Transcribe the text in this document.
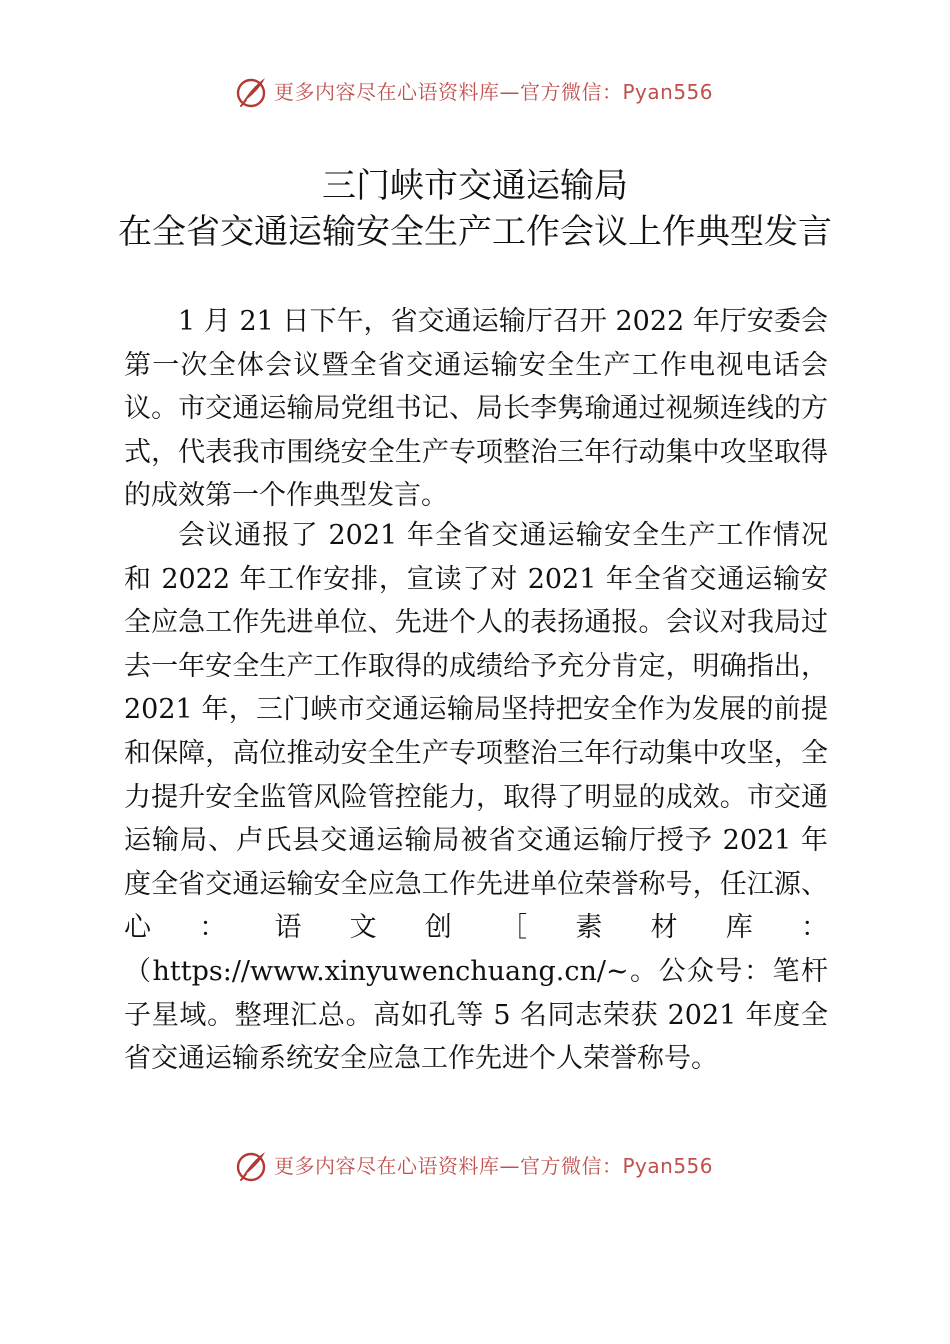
更多内容尽在心语资料库—官方微信：Pyan556
三门峡市交通运输局
在全省交通运输安全生产工作会议上作典型发言
1 月 21 日下午，省交通运输厅召开 2022 年厅安委会第一次全体会议暨全省交通运输安全生产工作电视电话会议。市交通运输局党组书记、局长李隽瑜通过视频连线的方式，代表我市围绕安全生产专项整治三年行动集中攻坚取得的成效第一个作典型发言。
会议通报了 2021 年全省交通运输安全生产工作情况和 2022 年工作安排，宣读了对 2021 年全省交通运输安全应急工作先进单位、先进个人的表扬通报。会议对我局过去一年安全生产工作取得的成绩给予充分肯定，明确指出，2021 年，三门峡市交通运输局坚持把安全作为发展的前提和保障，高位推动安全生产专项整治三年行动集中攻坚，全力提升安全监管风险管控能力，取得了明显的成效。市交通运输局、卢氏县交通运输局被省交通运输厅授予 2021 年度全省交通运输安全应急工作先进单位荣誉称号，任江源、心：语文创［素材库：（https://www.xinyuwenchuang.cn/~。公众号：笔杆子星域。整理汇总。高如孔等 5 名同志荣获 2021 年度全省交通运输系统安全应急工作先进个人荣誉称号。
更多内容尽在心语资料库—官方微信：Pyan556
